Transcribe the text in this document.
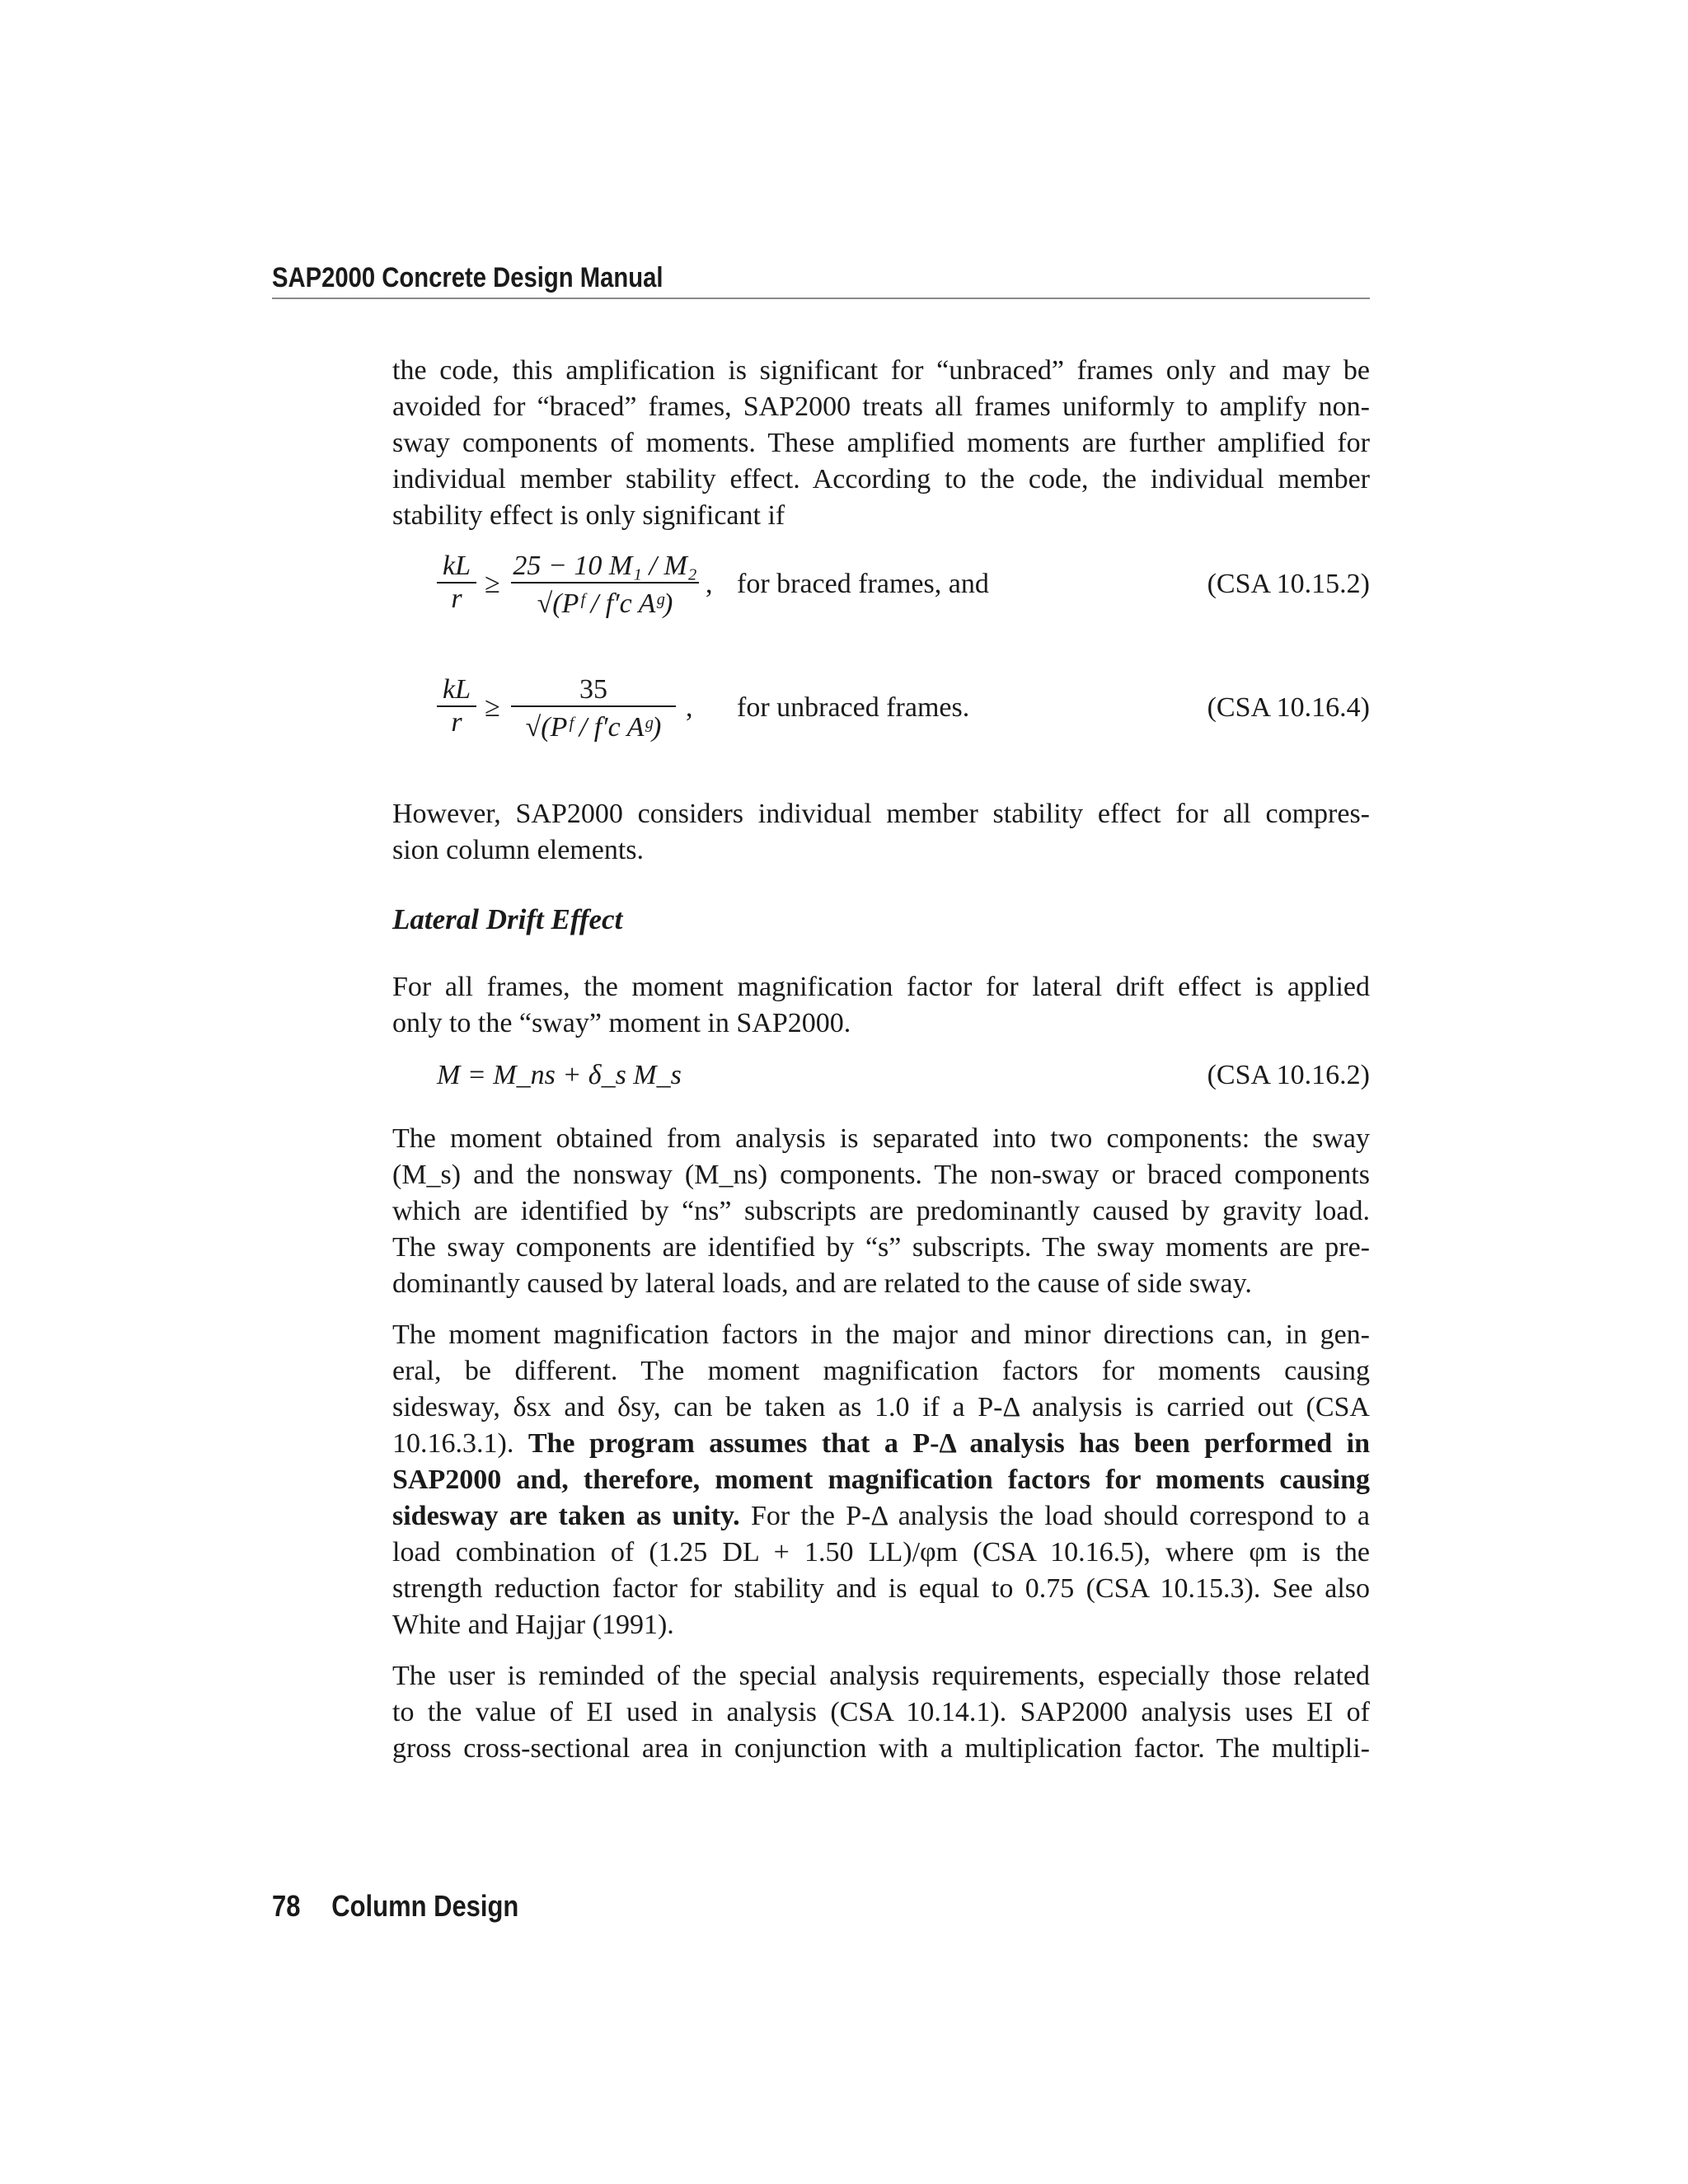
SAP2000 Concrete Design Manual
the code, this amplification is significant for “unbraced” frames only and may be
avoided for “braced” frames, SAP2000 treats all frames uniformly to amplify non-
sway components of moments. These amplified moments are further amplified for
individual member stability effect. According to the code, the individual member
stability effect is only significant if
kL
r ≥
25 − 10 M₁ / M₂
√(Pᶠ / f′c Aᵍ)
, for braced frames, and	(CSA 10.15.2)
kL
r ≥
35
√(Pᶠ / f′c Aᵍ)
, for unbraced frames.	(CSA 10.16.4)
However, SAP2000 considers individual member stability effect for all compres-
sion column elements.
Lateral Drift Effect
For all frames, the moment magnification factor for lateral drift effect is applied
only to the “sway” moment in SAP2000.
M = M_ns + δ_s M_s	(CSA 10.16.2)
The moment obtained from analysis is separated into two components: the sway
(M_s) and the nonsway (M_ns) components. The non-sway or braced components
which are identified by “ns” subscripts are predominantly caused by gravity load.
The sway components are identified by “s” subscripts. The sway moments are pre-
dominantly caused by lateral loads, and are related to the cause of side sway.
The moment magnification factors in the major and minor directions can, in gen-
eral, be different. The moment magnification factors for moments causing
sidesway, δsx and δsy, can be taken as 1.0 if a P-Δ analysis is carried out (CSA
10.16.3.1). The program assumes that a P-Δ analysis has been performed in
SAP2000 and, therefore, moment magnification factors for moments causing
sidesway are taken as unity. For the P-Δ analysis the load should correspond to a
load combination of (1.25 DL + 1.50 LL)/φm (CSA 10.16.5), where φm is the
strength reduction factor for stability and is equal to 0.75 (CSA 10.15.3). See also
White and Hajjar (1991).
The user is reminded of the special analysis requirements, especially those related
to the value of EI used in analysis (CSA 10.14.1). SAP2000 analysis uses EI of
gross cross-sectional area in conjunction with a multiplication factor. The multipli-
78 Column Design
